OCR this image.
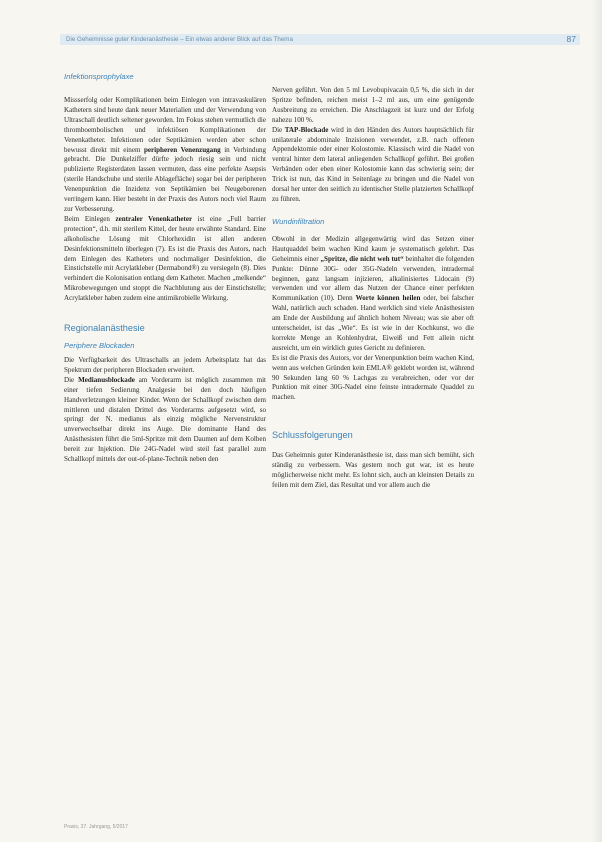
Die Geheimnisse guter Kinderanästhesie – Ein etwas anderer Blick auf das Thema	87
Infektionsprophylaxe

Missserfolg oder Komplikationen beim Einlegen von intravaskulären Kathetern sind heute dank neuer Materialien und der Verwendung von Ultraschall deutlich seltener geworden. Im Fokus stehen vermutlich die thromboembolischen und infektiösen Komplikationen der Venenkatheter. Infektionen oder Septikämien werden aber schon bewusst direkt mit einem peripheren Venenzugang in Verbindung gebracht. Die Dunkelziffer dürfte jedoch riesig sein und nicht publizierte Registerdaten lassen vermuten, dass eine perfekte Asepsis (sterile Handschuhe und sterile Ablagefläche) sogar bei der peripheren Venenpunktion die Inzidenz von Septikämien bei Neugeborenen verringern kann. Hier besteht in der Praxis des Autors noch viel Raum zur Verbesserung.

Beim Einlegen zentraler Venenkatheter ist eine „Full barrier protection“, d.h. mit sterilem Kittel, der heute erwähnte Standard. Eine alkoholische Lösung mit Chlorhexidin ist allen anderen Desinfektionsmitteln überlegen (7). Es ist die Praxis des Autors, nach dem Einlegen des Katheters und nochmaliger Desinfektion, die Einstichstelle mit Acrylatkleber (Dermabond®) zu versiegeln (8). Dies verhindert die Kolonisation entlang dem Katheter. Machen „melkende“ Mikrobewegungen und stoppt die Nachblutung aus der Einstichstelle; Acrylatkleber haben zudem eine antimikrobielle Wirkung.

Regionalanästhesie
Periphere Blockaden

Die Verfügbarkeit des Ultraschalls an jedem Arbeitsplatz hat das Spektrum der peripheren Blockaden erweitert.

Die Medianusblockade am Vorderarm ist möglich zusammen mit einer tiefen Sedierung Analgesie bei den doch häufigen Handverletzungen kleiner Kinder. Wenn der Schallkopf zwischen dem mittleren und distalen Drittel des Vorderarms aufgesetzt wird, so springt der N. medianus als einzig mögliche Nervenstruktur unverwechselbar direkt ins Auge. Die dominante Hand des Anästhesisten führt die 5ml-Spritze mit dem Daumen auf dem Kolben bereit zur Injektion. Die 24G-Nadel wird steil fast parallel zum Schallkopf mittels der out-of-plane-Technik neben den

Nerven geführt. Von den 5 ml Levobupivacain 0,5 %, die sich in der Spritze befinden, reichen meist 1–2 ml aus, um eine genügende Ausbreitung zu erreichen. Die Anschlagzeit ist kurz und der Erfolg nahezu 100 %.

Die TAP-Blockade wird in den Händen des Autors hauptsächlich für unilaterale abdominale Inzisionen verwendet, z.B. nach offenen Appendektomie oder einer Kolostomie. Klassisch wird die Nadel von ventral hinter dem lateral anliegenden Schallkopf geführt. Bei großen Verbänden oder eben einer Kolostomie kann das schwierig sein; der Trick ist nun, das Kind in Seitenlage zu bringen und die Nadel von dorsal her unter den seitlich zu identischer Stelle platzierten Schallkopf zu führen.

Wundinfiltration

Obwohl in der Medizin allgegenwärtig wird das Setzen einer Hautquaddel beim wachen Kind kaum je systematisch gelehrt. Das Geheimnis einer „Spritze, die nicht weh tut“ beinhaltet die folgenden Punkte: Dünne 30G- oder 35G-Nadeln verwenden, intradermal beginnen, ganz langsam injizieren, alkalinisiertes Lidocain (9) verwenden und vor allem das Nutzen der Chance einer perfekten Kommunikation (10). Denn Worte können heilen oder, bei falscher Wahl, natürlich auch schaden. Hand werklich sind viele Anästhesisten am Ende der Ausbildung auf ähnlich hohem Niveau; was sie aber oft unterscheidet, ist das „Wie“. Es ist wie in der Kochkunst, wo die korrekte Menge an Kohlenhydrat, Eiweiß und Fett allein nicht ausreicht, um ein wirklich gutes Gericht zu definieren.

Es ist die Praxis des Autors, vor der Venenpunktion beim wachen Kind, wenn aus welchen Gründen kein EMLA® geklebt worden ist, während 90 Sekunden lang 60 % Lachgas zu verabreichen, oder vor der Punktion mit einer 30G-Nadel eine feinste intradermale Quaddel zu machen.

Schlussfolgerungen

Das Geheimnis guter Kinderanästhesie ist, dass man sich bemüht, sich ständig zu verbessern. Was gestern noch gut war, ist es heute möglicherweise nicht mehr. Es lohnt sich, auch an kleinsten Details zu feilen mit dem Ziel, das Resultat und vor allem auch die

Praxis, 37. Jahrgang, 5/2017
